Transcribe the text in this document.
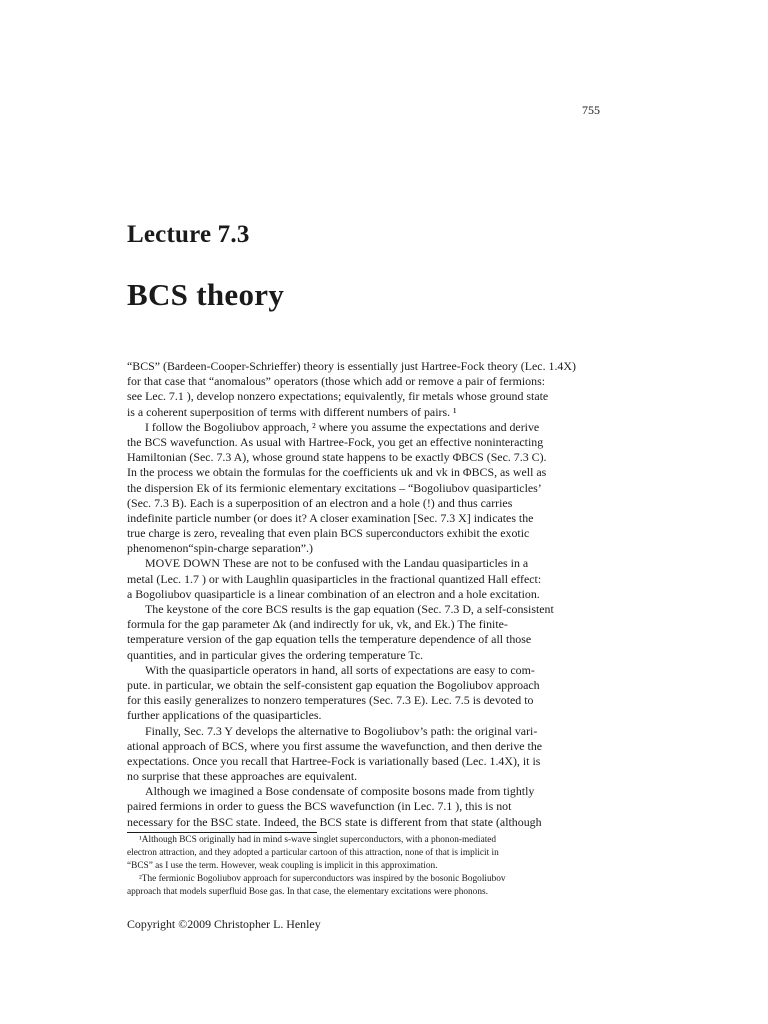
755
Lecture 7.3
BCS theory
“BCS” (Bardeen-Cooper-Schrieffer) theory is essentially just Hartree-Fock theory (Lec. 1.4X)
for that case that “anomalous” operators (those which add or remove a pair of fermions:
see Lec. 7.1 ), develop nonzero expectations; equivalently, fir metals whose ground state
is a coherent superposition of terms with different numbers of pairs. ¹
I follow the Bogoliubov approach, ² where you assume the expectations and derive
the BCS wavefunction. As usual with Hartree-Fock, you get an effective noninteracting
Hamiltonian (Sec. 7.3 A), whose ground state happens to be exactly ΦBCS (Sec. 7.3 C).
In the process we obtain the formulas for the coefficients uk and vk in ΦBCS, as well as
the dispersion Ek of its fermionic elementary excitations – “Bogoliubov quasiparticles’
(Sec. 7.3 B). Each is a superposition of an electron and a hole (!) and thus carries
indefinite particle number (or does it? A closer examination [Sec. 7.3 X] indicates the
true charge is zero, revealing that even plain BCS superconductors exhibit the exotic
phenomenon“spin-charge separation”.)
MOVE DOWN These are not to be confused with the Landau quasiparticles in a
metal (Lec. 1.7 ) or with Laughlin quasiparticles in the fractional quantized Hall effect:
a Bogoliubov quasiparticle is a linear combination of an electron and a hole excitation.
The keystone of the core BCS results is the gap equation (Sec. 7.3 D, a self-consistent
formula for the gap parameter Δk (and indirectly for uk, vk, and Ek.) The finite-
temperature version of the gap equation tells the temperature dependence of all those
quantities, and in particular gives the ordering temperature Tc.
With the quasiparticle operators in hand, all sorts of expectations are easy to com-
pute. in particular, we obtain the self-consistent gap equation the Bogoliubov approach
for this easily generalizes to nonzero temperatures (Sec. 7.3 E). Lec. 7.5 is devoted to
further applications of the quasiparticles.
Finally, Sec. 7.3 Y develops the alternative to Bogoliubov’s path: the original vari-
ational approach of BCS, where you first assume the wavefunction, and then derive the
expectations. Once you recall that Hartree-Fock is variationally based (Lec. 1.4X), it is
no surprise that these approaches are equivalent.
Although we imagined a Bose condensate of composite bosons made from tightly
paired fermions in order to guess the BCS wavefunction (in Lec. 7.1 ), this is not
necessary for the BSC state. Indeed, the BCS state is different from that state (although
¹Although BCS originally had in mind s-wave singlet superconductors, with a phonon-mediated
electron attraction, and they adopted a particular cartoon of this attraction, none of that is implicit in
“BCS” as I use the term. However, weak coupling is implicit in this approximation.
²The fermionic Bogoliubov approach for superconductors was inspired by the bosonic Bogoliubov
approach that models superfluid Bose gas. In that case, the elementary excitations were phonons.
Copyright ©2009 Christopher L. Henley
